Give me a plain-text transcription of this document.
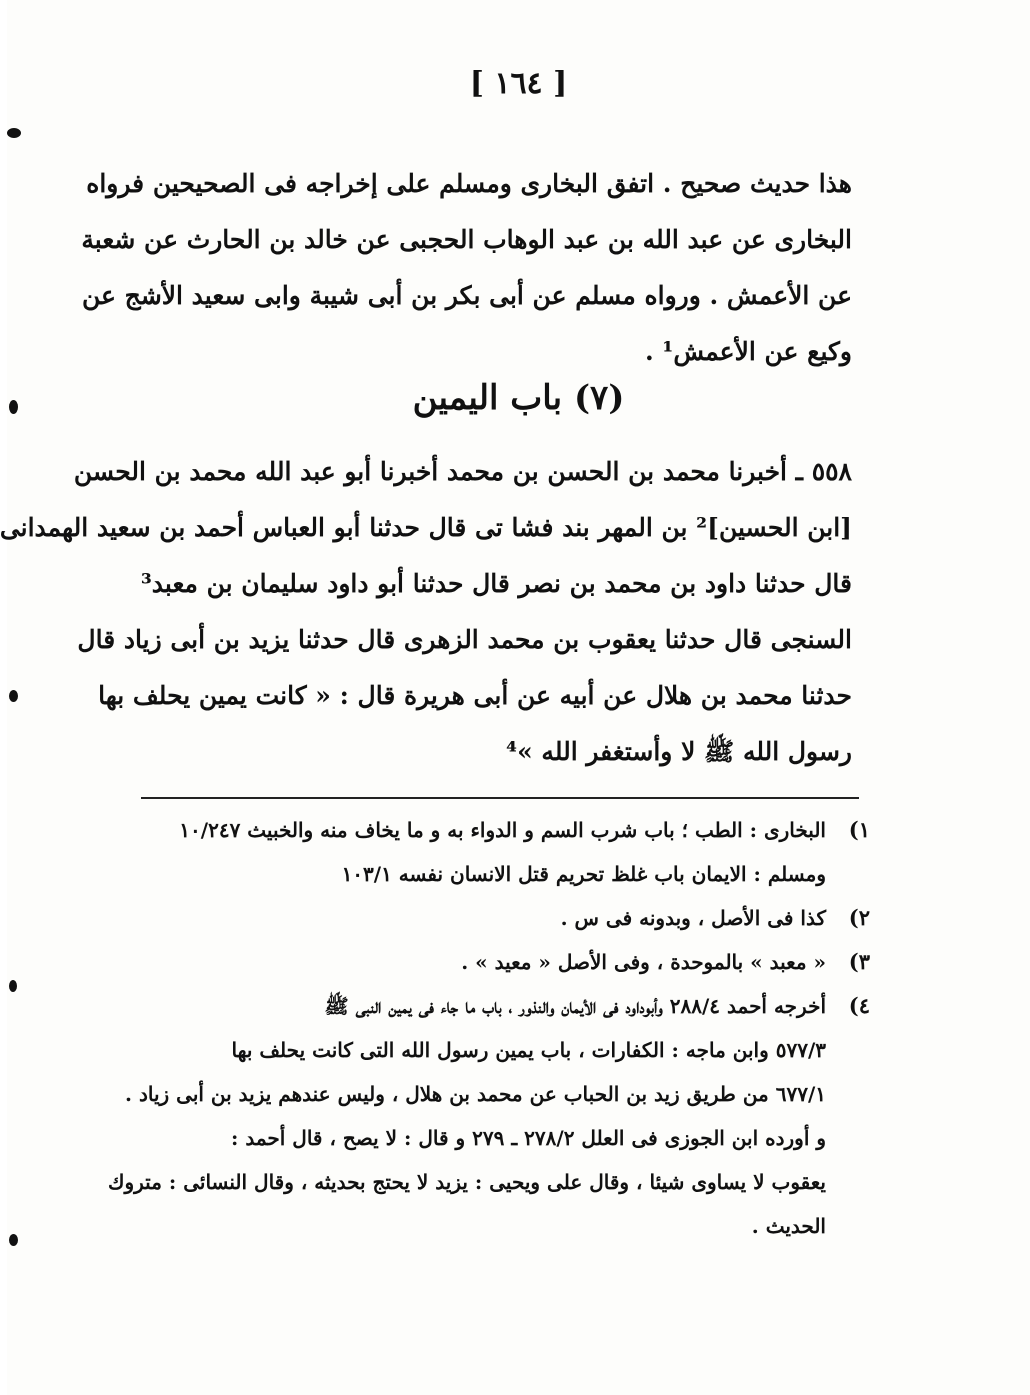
[ ١٦٤ ]
هذا حديث صحيح . اتفق البخارى ومسلم على إخراجه فى الصحيحين فرواه
البخارى عن عبد الله بن عبد الوهاب الحجبى عن خالد بن الحارث عن شعبة
عن الأعمش . ورواه مسلم عن أبى بكر بن أبى شيبة وابى سعيد الأشج عن
وكيع عن الأعمش¹ .
(٧) باب اليمين
٥٥٨ ـ أخبرنا محمد بن الحسن بن محمد أخبرنا أبو عبد الله محمد بن الحسن
[ابن الحسين]² بن المهر بند فشا تى قال حدثنا أبو العباس أحمد بن سعيد الهمدانى
قال حدثنا داود بن محمد بن نصر قال حدثنا أبو داود سليمان بن معبد³
السنجى قال حدثنا يعقوب بن محمد الزهرى قال حدثنا يزيد بن أبى زياد قال
حدثنا محمد بن هلال عن أبيه عن أبى هريرة قال : « كانت يمين يحلف بها
رسول الله ﷺ لا وأستغفر الله »⁴
١)
البخارى : الطب ؛ باب شرب السم و الدواء به و ما يخاف منه والخبيث ١٠/٢٤٧
ومسلم : الايمان باب غلظ تحريم قتل الانسان نفسه ١٠٣/١
٢)
كذا فى الأصل ، وبدونه فى س .
٣)
« معبد » بالموحدة ، وفى الأصل « معيد » .
٤)
أخرجه أحمد ٢٨٨/٤ وأبوداود فى الأيمان والنذور ، باب ما جاء فى يمين النبى ﷺ
٥٧٧/٣ وابن ماجه : الكفارات ، باب يمين رسول الله التى كانت يحلف بها
٦٧٧/١ من طريق زيد بن الحباب عن محمد بن هلال ، وليس عندهم يزيد بن أبى زياد .
و أورده ابن الجوزى فى العلل ٢٧٨/٢ ـ ٢٧٩ و قال : لا يصح ، قال أحمد :
يعقوب لا يساوى شيئا ، وقال على ويحيى : يزيد لا يحتج بحديثه ، وقال النسائى : متروك
الحديث .
